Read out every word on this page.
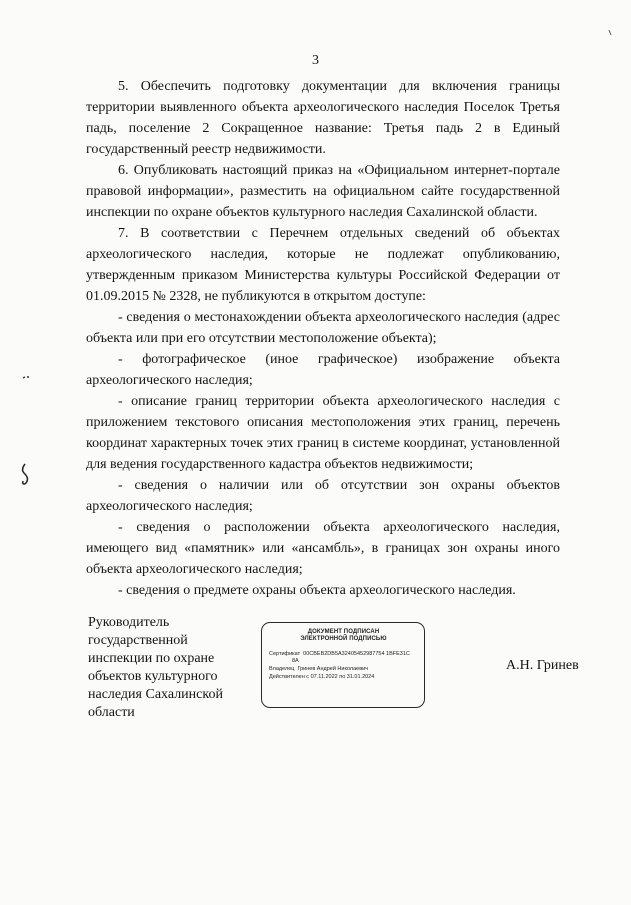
3

5. Обеспечить подготовку документации для включения границы территории выявленного объекта археологического наследия Поселок Третья падь, поселение 2 Сокращенное название: Третья падь 2 в Единый государственный реестр недвижимости.

6. Опубликовать настоящий приказ на «Официальном интернет-портале правовой информации», разместить на официальном сайте государственной инспекции по охране объектов культурного наследия Сахалинской области.

7. В соответствии с Перечнем отдельных сведений об объектах археологического наследия, которые не подлежат опубликованию, утвержденным приказом Министерства культуры Российской Федерации от 01.09.2015 № 2328, не публикуются в открытом доступе:

- сведения о местонахождении объекта археологического наследия (адрес объекта или при его отсутствии местоположение объекта);

- фотографическое (иное графическое) изображение объекта археологического наследия;

- описание границ территории объекта археологического наследия с приложением текстового описания местоположения этих границ, перечень координат характерных точек этих границ в системе координат, установленной для ведения государственного кадастра объектов недвижимости;

- сведения о наличии или об отсутствии зон охраны объектов археологического наследия;

- сведения о расположении объекта археологического наследия, имеющего вид «памятник» или «ансамбль», в границах зон охраны иного объекта археологического наследия;

- сведения о предмете охраны объекта археологического наследия.

Руководитель
государственной
инспекции по охране
объектов культурного
наследия Сахалинской
области
ДОКУМЕНТ ПОДПИСАН
ЭЛЕКТРОННОЙ ПОДПИСЬЮ
Сертификат 00CBEB2DB5A32405452987754 1BFE31C
8A
Владелец Гринев Андрей Николаевич
Действителен с 07.11.2022 по 31.01.2024
А.Н. Гринев
